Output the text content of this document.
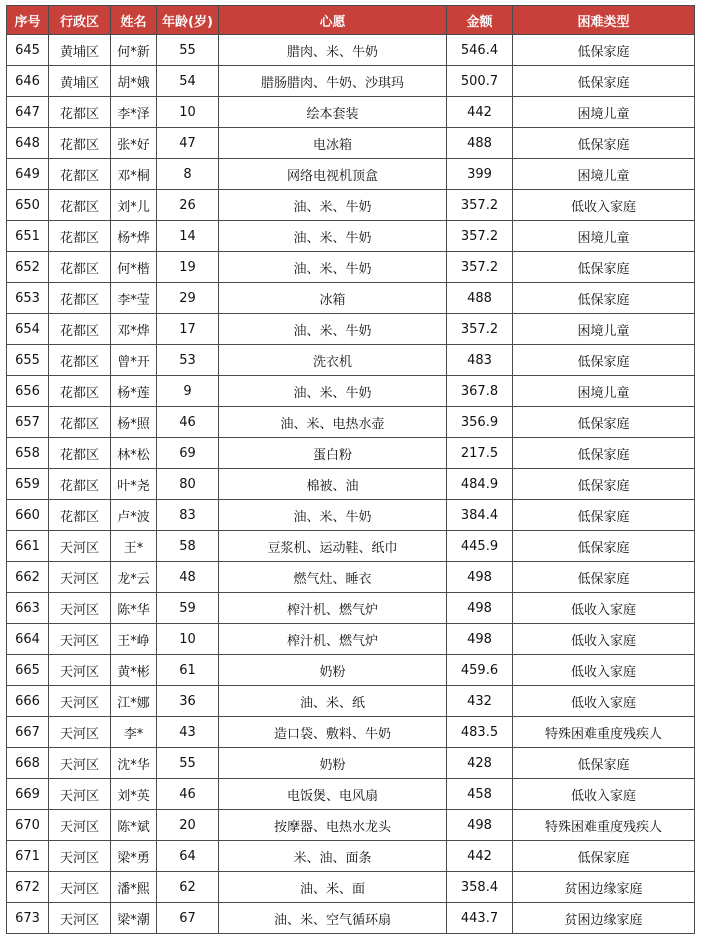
序号	行政区	姓名	年龄(岁)	心愿	金额	困难类型
645	黄埔区	何*新	55	腊肉、米、牛奶	546.4	低保家庭
646	黄埔区	胡*娥	54	腊肠腊肉、牛奶、沙琪玛	500.7	低保家庭
647	花都区	李*泽	10	绘本套装	442	困境儿童
648	花都区	张*好	47	电冰箱	488	低保家庭
649	花都区	邓*桐	8	网络电视机顶盒	399	困境儿童
650	花都区	刘*儿	26	油、米、牛奶	357.2	低收入家庭
651	花都区	杨*烨	14	油、米、牛奶	357.2	困境儿童
652	花都区	何*楷	19	油、米、牛奶	357.2	低保家庭
653	花都区	李*莹	29	冰箱	488	低保家庭
654	花都区	邓*烨	17	油、米、牛奶	357.2	困境儿童
655	花都区	曾*开	53	洗衣机	483	低保家庭
656	花都区	杨*莲	9	油、米、牛奶	367.8	困境儿童
657	花都区	杨*照	46	油、米、电热水壶	356.9	低保家庭
658	花都区	林*松	69	蛋白粉	217.5	低保家庭
659	花都区	叶*尧	80	棉被、油	484.9	低保家庭
660	花都区	卢*波	83	油、米、牛奶	384.4	低保家庭
661	天河区	王*	58	豆浆机、运动鞋、纸巾	445.9	低保家庭
662	天河区	龙*云	48	燃气灶、睡衣	498	低保家庭
663	天河区	陈*华	59	榨汁机、燃气炉	498	低收入家庭
664	天河区	王*峥	10	榨汁机、燃气炉	498	低收入家庭
665	天河区	黄*彬	61	奶粉	459.6	低收入家庭
666	天河区	江*娜	36	油、米、纸	432	低收入家庭
667	天河区	李*	43	造口袋、敷料、牛奶	483.5	特殊困难重度残疾人
668	天河区	沈*华	55	奶粉	428	低保家庭
669	天河区	刘*英	46	电饭煲、电风扇	458	低收入家庭
670	天河区	陈*斌	20	按摩器、电热水龙头	498	特殊困难重度残疾人
671	天河区	梁*勇	64	米、油、面条	442	低保家庭
672	天河区	潘*熙	62	油、米、面	358.4	贫困边缘家庭
673	天河区	梁*潮	67	油、米、空气循环扇	443.7	贫困边缘家庭
